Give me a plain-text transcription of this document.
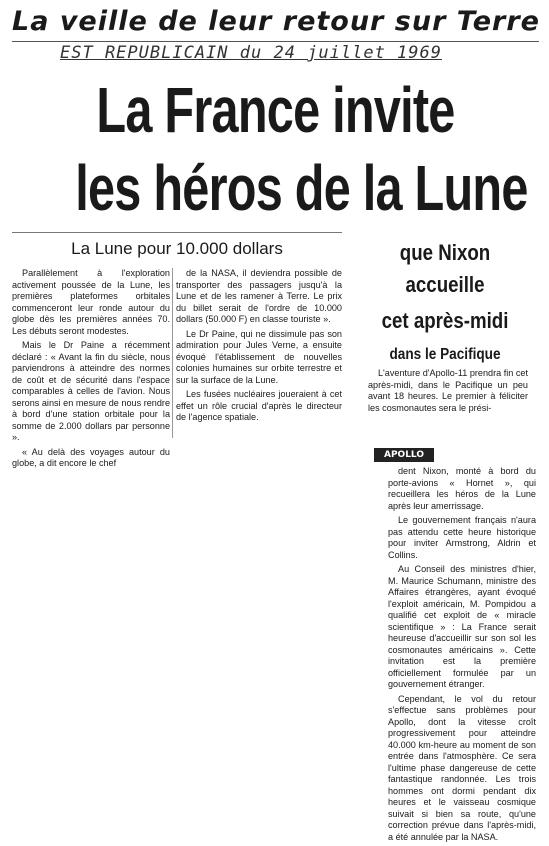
La veille de leur retour sur Terre
EST REPUBLICAIN du 24 juillet 1969
La France invite
les héros de la Lune
La Lune pour 10.000 dollars

Parallèlement à l'exploration activement poussée de la Lune, les premières plateformes orbitales commenceront leur ronde autour du globe dès les premières années 70. Les débuts seront modestes.

Mais le Dr Paine a récemment déclaré : « Avant la fin du siècle, nous parviendrons à atteindre des normes de coût et de sécurité dans l'espace comparables à celles de l'avion. Nous serons ainsi en mesure de nous rendre à bord d'une station orbitale pour la somme de 2.000 dollars par personne ».

« Au delà des voyages autour du globe, a dit encore le chef

de la NASA, il deviendra possible de transporter des passagers jusqu'à la Lune et de les ramener à Terre. Le prix du billet serait de l'ordre de 10.000 dollars (50.000 F) en classe touriste ».

Le Dr Paine, qui ne dissimule pas son admiration pour Jules Verne, a ensuite évoqué l'établissement de nouvelles colonies humaines sur orbite terrestre et sur la surface de la Lune.

Les fusées nucléaires joueraient à cet effet un rôle crucial d'après le directeur de l'agence spatiale.

que Nixon
accueille
cet après-midi
dans le Pacifique

L'aventure d'Apollo-11 prendra fin cet après-midi, dans le Pacifique un peu avant 18 heures. Le premier à féliciter les cosmonautes sera le prési-

APOLLO

dent Nixon, monté à bord du porte-avions « Hornet », qui recueillera les héros de la Lune après leur amerrissage.

Le gouvernement français n'aura pas attendu cette heure historique pour inviter Armstrong, Aldrin et Collins.

Au Conseil des ministres d'hier, M. Maurice Schumann, ministre des Affaires étrangères, ayant évoqué l'exploit américain, M. Pompidou a qualifié cet exploit de « miracle scientifique » : La France serait heureuse d'accueillir sur son sol les cosmonautes américains ». Cette invitation est la première officiellement formulée par un gouvernement étranger.

Cependant, le vol du retour s'effectue sans problèmes pour Apollo, dont la vitesse croît progressivement pour atteindre 40.000 km-heure au moment de son entrée dans l'atmosphère. Ce sera l'ultime phase dangereuse de cette fantastique randonnée. Les trois hommes ont dormi pendant dix heures et le vaisseau cosmique suivait si bien sa route, qu'une correction prévue dans l'après-midi, a été annulée par la NASA.
